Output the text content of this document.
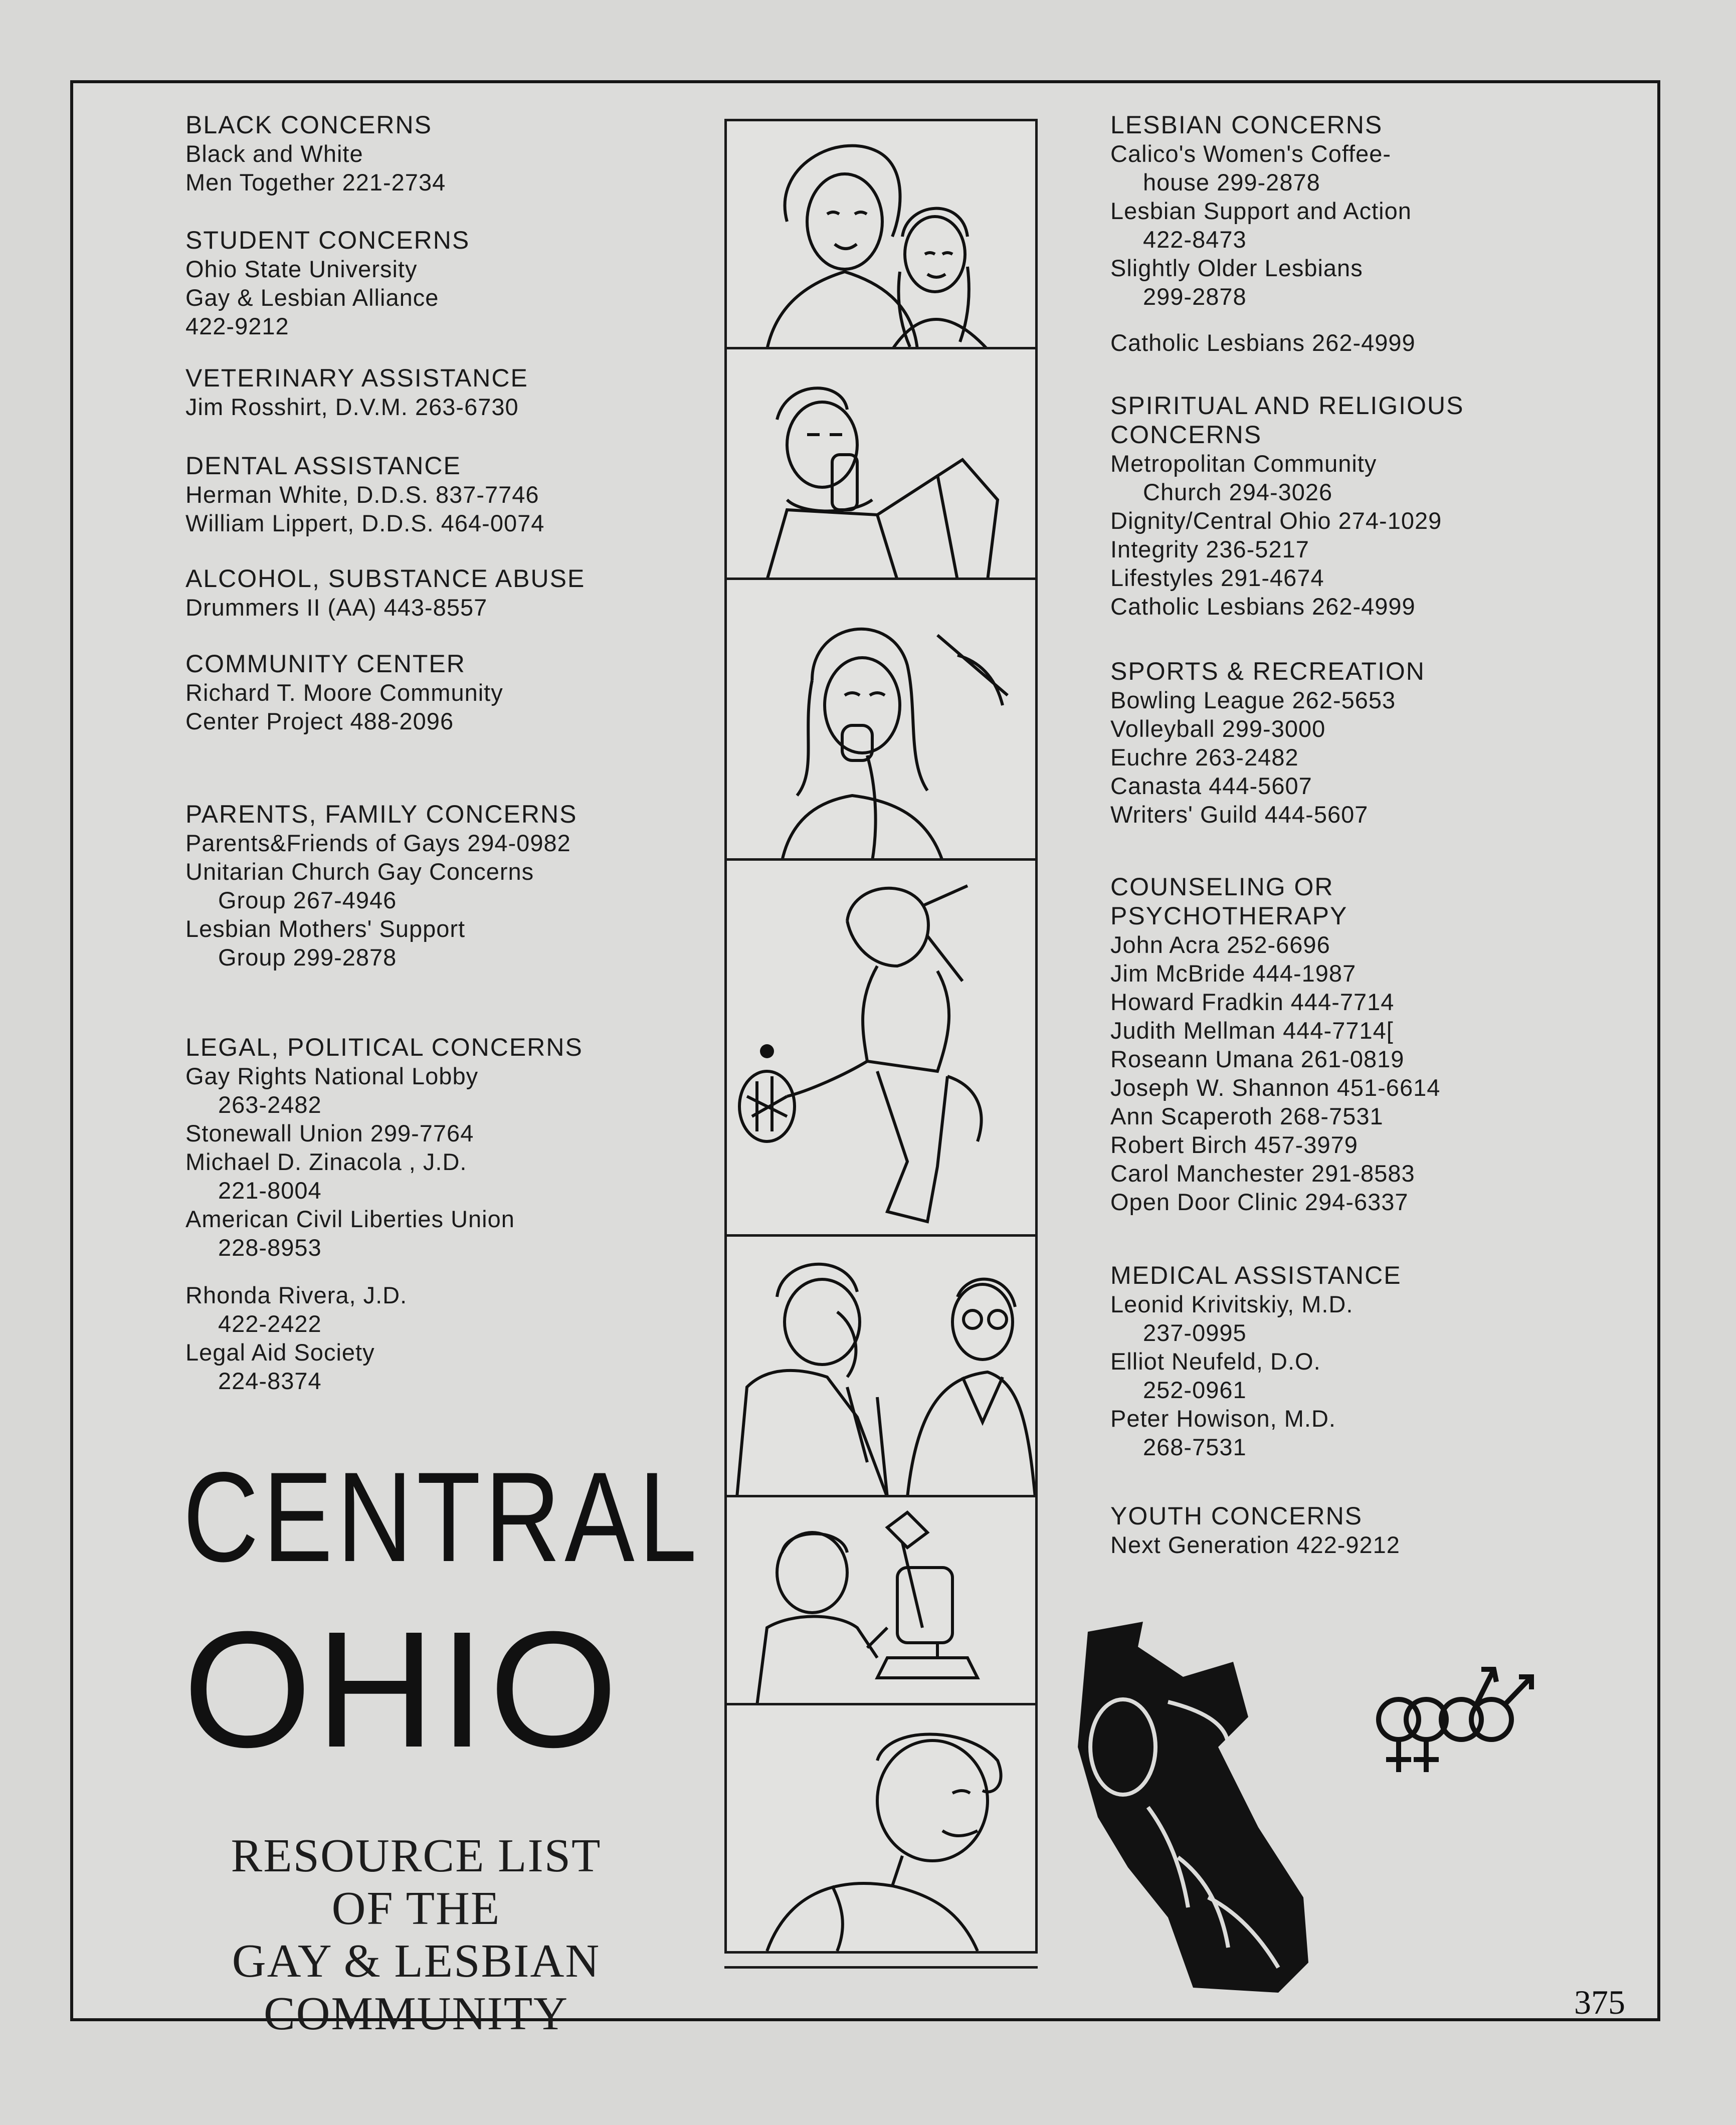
BLACK CONCERNS

Black and White

Men Together 221-2734

STUDENT CONCERNS

Ohio State University

Gay & Lesbian Alliance

422-9212

VETERINARY ASSISTANCE

Jim Rosshirt, D.V.M. 263-6730

DENTAL ASSISTANCE

Herman White, D.D.S. 837-7746

William Lippert, D.D.S. 464-0074

ALCOHOL, SUBSTANCE ABUSE

Drummers II (AA) 443-8557

COMMUNITY CENTER

Richard T. Moore Community

Center Project 488-2096

PARENTS, FAMILY CONCERNS

Parents&Friends of Gays 294-0982

Unitarian Church Gay Concerns

Group 267-4946

Lesbian Mothers' Support

Group 299-2878

LEGAL, POLITICAL CONCERNS

Gay Rights National Lobby

263-2482

Stonewall Union 299-7764

Michael D. Zinacola , J.D.

221-8004

American Civil Liberties Union

228-8953

Rhonda Rivera, J.D.

422-2422

Legal Aid Society

224-8374

LESBIAN CONCERNS

Calico's Women's Coffee-

house 299-2878

Lesbian Support and Action

422-8473

Slightly Older Lesbians

299-2878

Catholic Lesbians 262-4999

SPIRITUAL AND RELIGIOUS
CONCERNS

Metropolitan Community

Church 294-3026

Dignity/Central Ohio 274-1029

Integrity 236-5217

Lifestyles 291-4674

Catholic Lesbians 262-4999

SPORTS & RECREATION

Bowling League 262-5653

Volleyball 299-3000

Euchre 263-2482

Canasta 444-5607

Writers' Guild 444-5607

COUNSELING OR
PSYCHOTHERAPY

John Acra 252-6696

Jim McBride 444-1987

Howard Fradkin 444-7714

Judith Mellman 444-7714[

Roseann Umana 261-0819

Joseph W. Shannon 451-6614

Ann Scaperoth 268-7531

Robert Birch 457-3979

Carol Manchester 291-8583

Open Door Clinic 294-6337

MEDICAL ASSISTANCE

Leonid Krivitskiy, M.D.

237-0995

Elliot Neufeld, D.O.

252-0961

Peter Howison, M.D.

268-7531

YOUTH CONCERNS

Next Generation 422-9212

CENTRAL
OHIO
RESOURCE LIST
OF THE
GAY & LESBIAN
COMMUNITY	375
